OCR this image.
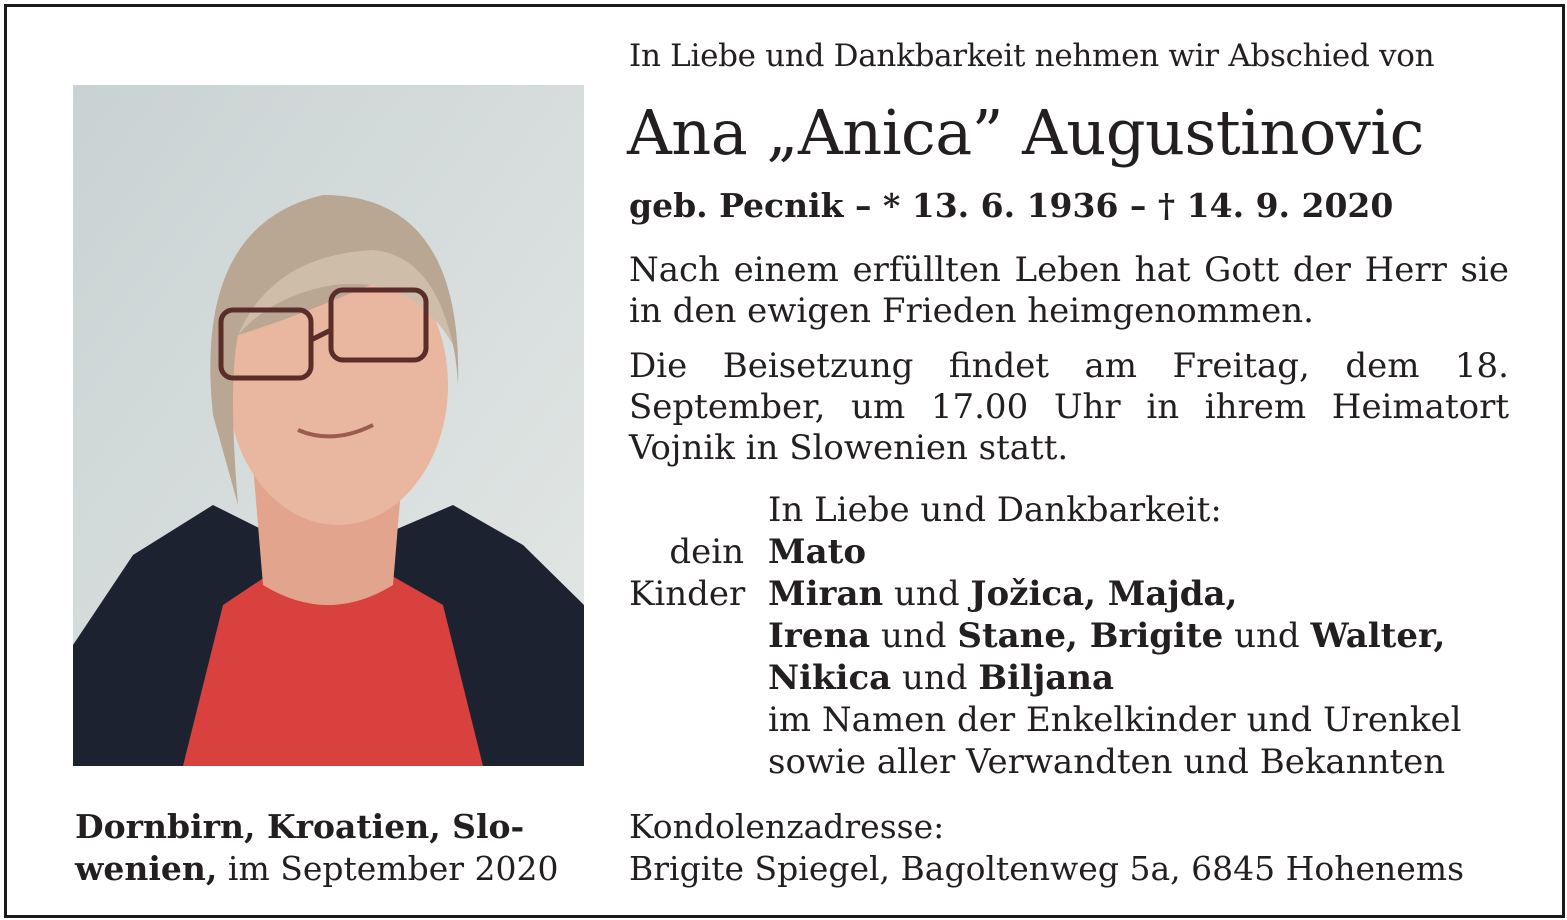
In Liebe und Dankbarkeit nehmen wir Abschied von
Ana „Anica” Augustinovic
geb. Pecnik – * 13. 6. 1936 – † 14. 9. 2020
Nach einem erfüllten Leben hat Gott der Herr sie in den ewigen Frieden heimgenommen.
Die Beisetzung findet am Freitag, dem 18. September, um 17.00 Uhr in ihrem Heimatort Vojnik in Slowenien statt.
In Liebe und Dankbarkeit:
dein Mato
Kinder Miran und Jožica, Majda,
Irena und Stane, Brigite und Walter,
Nikica und Biljana
im Namen der Enkelkinder und Urenkel
sowie aller Verwandten und Bekannten
Dornbirn, Kroatien, Slo-
wenien, im September 2020
Kondolenzadresse:
Brigite Spiegel, Bagoltenweg 5a, 6845 Hohenems
